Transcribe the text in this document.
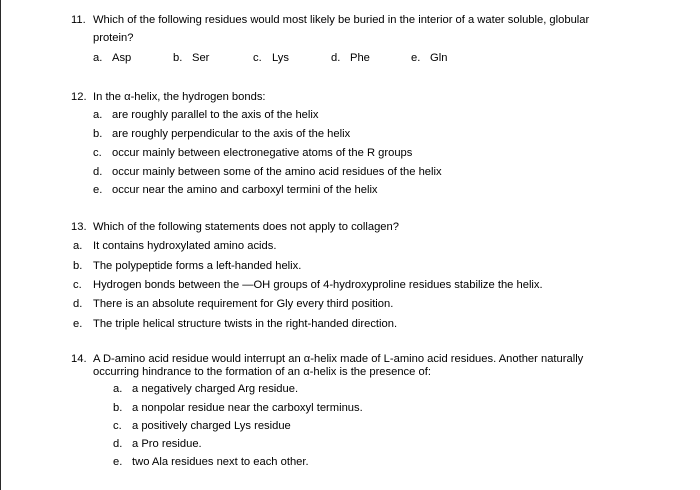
11. Which of the following residues would most likely be buried in the interior of a water soluble, globular
protein?
a. Asp	b. Ser	c. Lys	d. Phe	e. Gln
12. In the α-helix, the hydrogen bonds:
a. are roughly parallel to the axis of the helix
b. are roughly perpendicular to the axis of the helix
c. occur mainly between electronegative atoms of the R groups
d. occur mainly between some of the amino acid residues of the helix
e. occur near the amino and carboxyl termini of the helix
13. Which of the following statements does not apply to collagen?
a. It contains hydroxylated amino acids.
b. The polypeptide forms a left-handed helix.
c. Hydrogen bonds between the —OH groups of 4-hydroxyproline residues stabilize the helix.
d. There is an absolute requirement for Gly every third position.
e. The triple helical structure twists in the right-handed direction.
14. A D-amino acid residue would interrupt an α-helix made of L-amino acid residues. Another naturally
occurring hindrance to the formation of an α-helix is the presence of:
a. a negatively charged Arg residue.
b. a nonpolar residue near the carboxyl terminus.
c. a positively charged Lys residue
d. a Pro residue.
e. two Ala residues next to each other.
